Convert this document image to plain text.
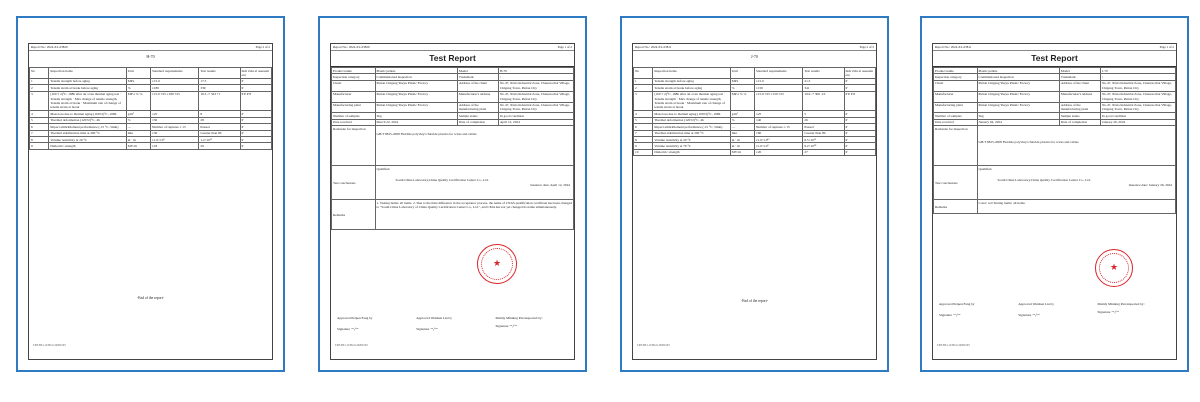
Report No.: 2024-XL-03829	Page 2 of 2
H-70
No	Inspection items	Unit	Standard requirements	Test results	Indi vidu al assessm ent
1	Tensile strength before aging	MPa	≥15.0	17.5	P
2	Tensile strain at break before aging	%	≥180	339	P
3	(100 ± 2)°C, 168h after air oven thermal aging test · Tensile strength · Max change of tensile strength, Tensile strain at break · Maximum rate of change of tensile strain at break	MP a % %	≥15.0 ±25 ≥180 ±25	16.3 -7 343 +1	P P P P
4	Mass loss due to thermal aging (100±2)°C, 168h	g/m²	≤25	8	P
5	Thermal deformation (120±2)°C, 4h	%	≤50	28	P
6	Impact embrittlement performance (-15 °C, 5min)	—	Number of ruptures ≤ 15	Passed	P
7	Thermal stabilization time at 200 °C	min	≥50	Greater than 80	P
8	Volume resistivity at 20 °C	Ω · m	≥1.0×10⁹	1.2×10¹¹	P
9	Dielectric strength	MV/m	≥18	29	P
-End of the report-
TRF-B01-19 B4.0-20200103
Report No.: 2024-XL-03829	Page 1 of 2
Test Report
Product name	Plastic pellets	Model	H-70
Inspection category	Commissioned inspection	Trademark	/
Client	Putian Chigang Yueyu Plastic Factory	Address of the client	No.47, Xixia Industrial Zone, Chenzaochat Village, Chigang Town, Putian City
Manufacturer	Putian Chigang Yueyu Plastic Factory	Manufacturer's address	No.47, Xixia Industrial Zone, Chenzaochat Village, Chigang Town, Putian City
Manufacturing plant	Putian Chigang Yueyu Plastic Factory	Address of the manufacturing plant	No.47, Xixia Industrial Zone, Chenzaochat Village, Chigang Town, Putian City
Number of samples	3kg	Sample status	In good condition
Date received	March 22, 2024	Date of completion	April 12, 2024
Rationale for inspection	GB/T 8815-2008 Flexible polyvinyl chloride plastics for wires and cables		
Test conclusions	Qualified.
South China Laboratory,China Quality Certification Center Co., Ltd.
Issuance date: April 12, 2024		

Remarks	1. Testing items: all items. 2. Due to the time difference in the acceptance process, the name of CNAS qualification certificate has been changed to "South China Laboratory of China Quality Certification Center Co., Ltd.", and CMA has not yet changed its name simultaneously.		
★
Approved Peipen Fang by
Signature ~/~
Approved Weishen Liu by
Signature ~/~
Mainly Minning Pan inspected by:
Signature ~/~
TRF-B01-19 B4.0-20200103
Report No.: 2024-XL-03811	Page 2 of 2
J-70
No	Inspection items	Unit	Standard requirements	Test results	Indi vidu al assessm ent
1	Tensile strength before aging	MPa	≥15.0	21.5	P
2	Tensile strain at break before aging	%	≥150	341	P
3	(100 ± 2)°C, 168h after air oven thermal aging test · Tensile strength · Max change of tensile strength, Tensile strain at break · Maximum rate of change of tensile strain at break	MP a % %	≥15.0 ±25 ≥150 ±25	19.9 -7 306 -10	P P P P
4	Mass loss due to thermal aging (100±2)°C, 168h	g/m²	≤25	5	P
5	Thermal deformation (120±2)°C, 4h	%	≤40	26	P
6	Impact embrittlement performance (-15 °C, 5min)	—	Number of ruptures ≤ 15	Passed	P
7	Thermal stabilization time at 200 °C	min	≥60	Greater than 80	P
8	Volume resistivity at 20 °C	Ω · m	≥1.0×10¹²	6.5×10¹³	P
9	Volume resistivity at 70 °C	Ω · m	≥1.0×10⁹	9.2×10¹⁰	P
10	Dielectric strength	MV/m	≥20	27	P
-End of the report-
TRF-B01-19 B4.0-20200103
Report No.: 2024-XL-03811	Page 1 of 2
Test Report
Product name	Plastic pellets	Model	J-70
Inspection category	Commissioned inspection	Trademark	/
Client	Putian Chigang Yueyu Plastic Factory	Address of the client	No.47, Xixia Industrial Zone, Chenzaochat Village, Chigang Town, Putian City
Manufacturer	Putian Chigang Yueyu Plastic Factory	Manufacturer's address	No.47, Xixia Industrial Zone, Chenzaochat Village, Chigang Town, Putian City
Manufacturing plant	Putian Chigang Yueyu Plastic Factory	Address of the manufacturing plant	No.47, Xixia Industrial Zone, Chenzaochat Village, Chigang Town, Putian City
Number of samples	3kg	Sample status	In good condition
Date received	January 04, 2024	Date of completion	January 26, 2024
Rationale for inspection	GB/T 8815-2008 Flexible polyvinyl chloride plastics for wires and cables		
Test conclusions	Qualified.
South China Laboratory,China Quality Certification Center Co., Ltd.
Issuance date: January 26, 2024		

Remarks	Color: red Testing items: all items.		
★
Approved Peipen Fang by
Signature ~/~
Approved Weishen Liu by
Signature ~/~
Mainly Minning Pan inspected by:
Signature ~/~
TRF-B01-19 B4.0-20200103
